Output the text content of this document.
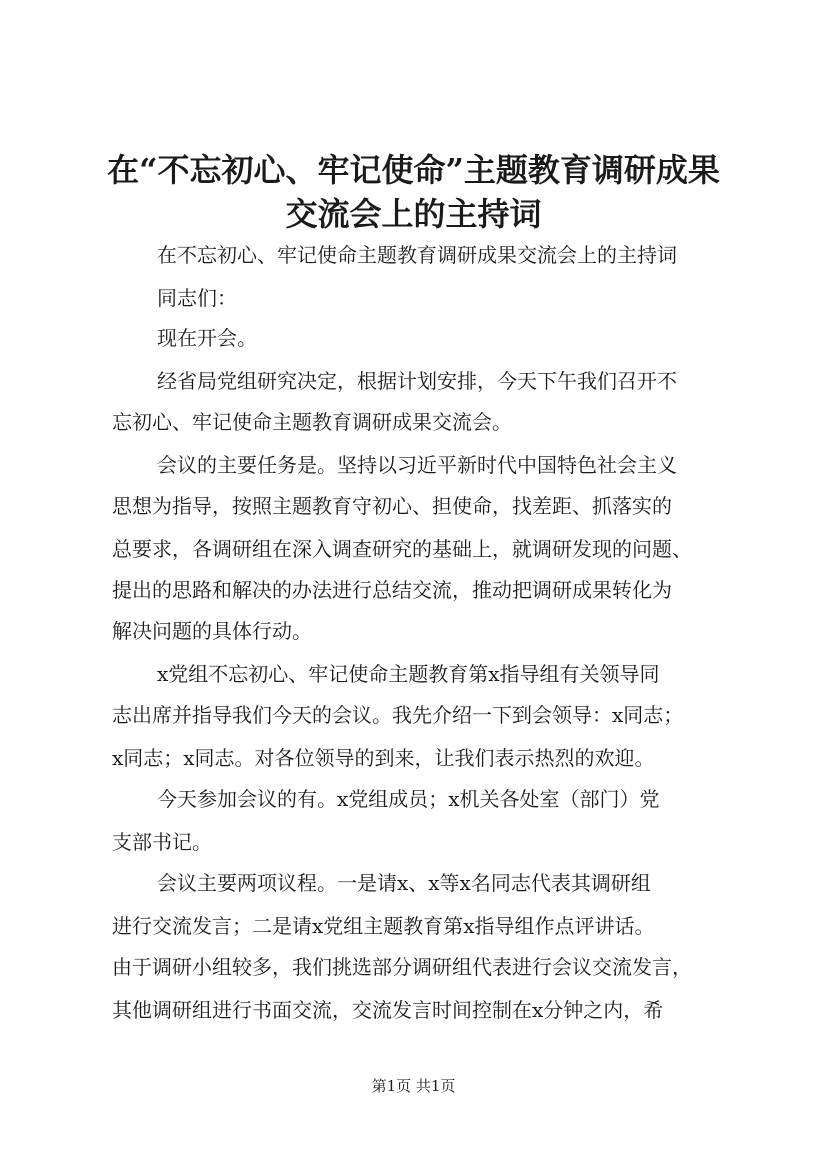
在“不忘初心、牢记使命”主题教育调研成果
交流会上的主持词
在不忘初心、牢记使命主题教育调研成果交流会上的主持词
同志们：
现在开会。
经省局党组研究决定，根据计划安排，今天下午我们召开不
忘初心、牢记使命主题教育调研成果交流会。
会议的主要任务是。坚持以习近平新时代中国特色社会主义
思想为指导，按照主题教育守初心、担使命，找差距、抓落实的
总要求，各调研组在深入调查研究的基础上，就调研发现的问题、
提出的思路和解决的办法进行总结交流，推动把调研成果转化为
解决问题的具体行动。
x党组不忘初心、牢记使命主题教育第x指导组有关领导同
志出席并指导我们今天的会议。我先介绍一下到会领导：x同志；
x同志；x同志。对各位领导的到来，让我们表示热烈的欢迎。
今天参加会议的有。x党组成员；x机关各处室（部门）党
支部书记。
会议主要两项议程。一是请x、x等x名同志代表其调研组
进行交流发言；二是请x党组主题教育第x指导组作点评讲话。
由于调研小组较多，我们挑选部分调研组代表进行会议交流发言，
其他调研组进行书面交流，交流发言时间控制在x分钟之内，希
第1页 共1页
